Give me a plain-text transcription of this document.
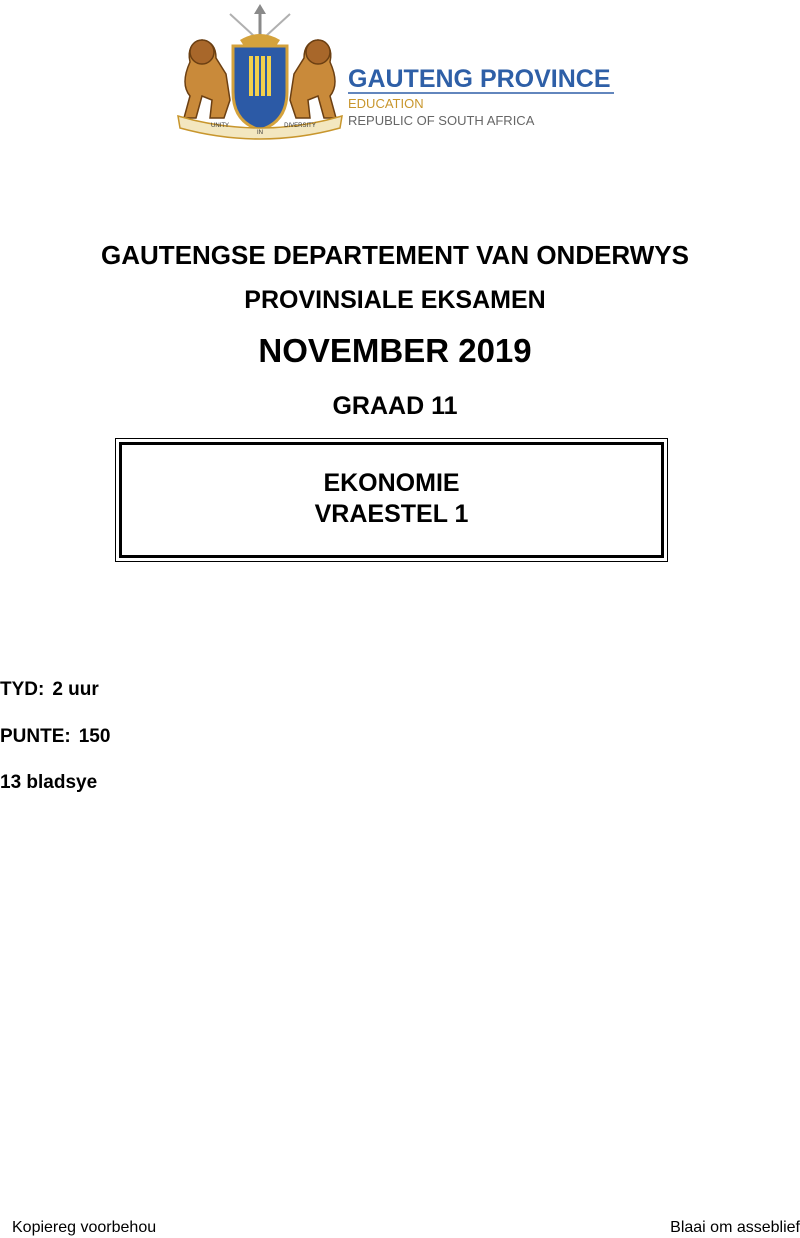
UNITY
IN
DIVERSITY
GAUTENG PROVINCE
EDUCATION
REPUBLIC OF SOUTH AFRICA
GAUTENGSE DEPARTEMENT VAN ONDERWYS
PROVINSIALE EKSAMEN
NOVEMBER 2019
GRAAD 11
EKONOMIE
VRAESTEL 1
TYD: 2 uur
PUNTE: 150
13 bladsye
Kopiereg voorbehou	Blaai om asseblief
